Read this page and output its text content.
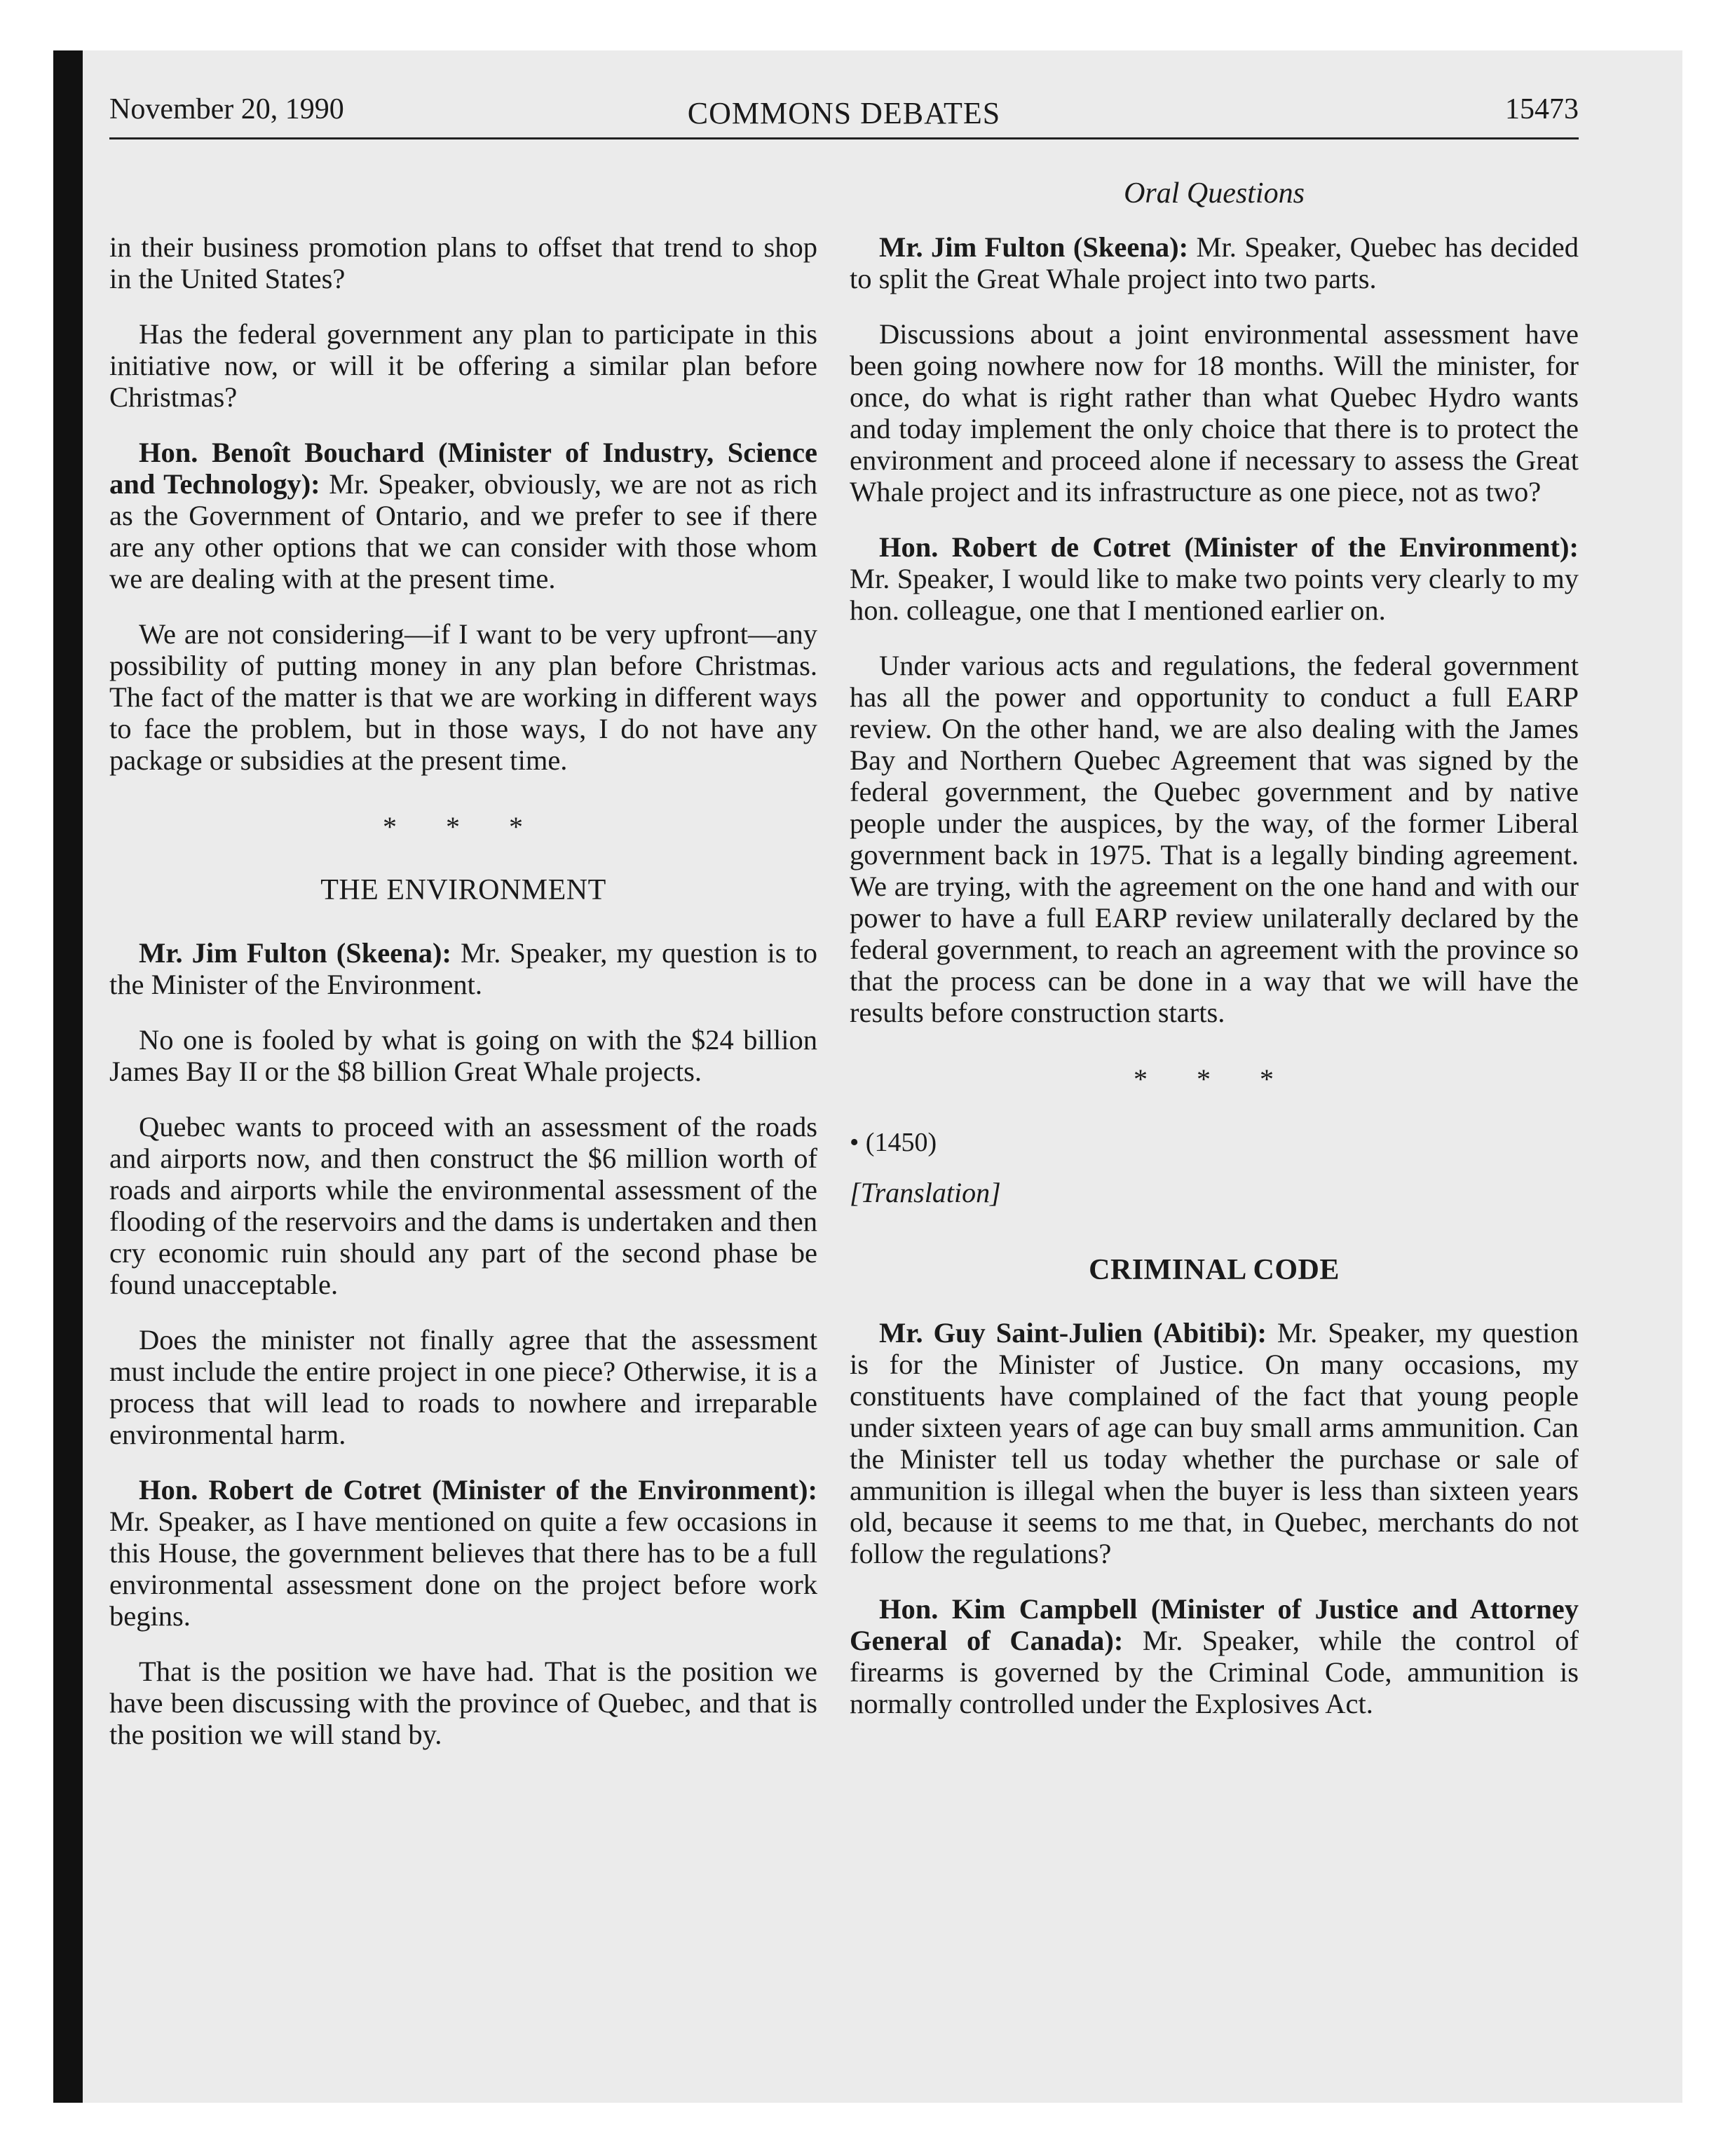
November 20, 1990	COMMONS DEBATES	15473
Oral Questions

in their business promotion plans to offset that trend to shop in the United States?

Has the federal government any plan to participate in this initiative now, or will it be offering a similar plan before Christmas?

Hon. Benoît Bouchard (Minister of Industry, Science and Technology): Mr. Speaker, obviously, we are not as rich as the Government of Ontario, and we prefer to see if there are any other options that we can consider with those whom we are dealing with at the present time.

We are not considering—if I want to be very upfront—any possibility of putting money in any plan before Christmas. The fact of the matter is that we are working in different ways to face the problem, but in those ways, I do not have any package or subsidies at the present time.

* * *
THE ENVIRONMENT

Mr. Jim Fulton (Skeena): Mr. Speaker, my question is to the Minister of the Environment.

No one is fooled by what is going on with the $24 billion James Bay II or the $8 billion Great Whale projects.

Quebec wants to proceed with an assessment of the roads and airports now, and then construct the $6 million worth of roads and airports while the environmental assessment of the flooding of the reservoirs and the dams is undertaken and then cry economic ruin should any part of the second phase be found unacceptable.

Does the minister not finally agree that the assessment must include the entire project in one piece? Otherwise, it is a process that will lead to roads to nowhere and irreparable environmental harm.

Hon. Robert de Cotret (Minister of the Environment): Mr. Speaker, as I have mentioned on quite a few occasions in this House, the government believes that there has to be a full environmental assessment done on the project before work begins.

That is the position we have had. That is the position we have been discussing with the province of Quebec, and that is the position we will stand by.

Mr. Jim Fulton (Skeena): Mr. Speaker, Quebec has decided to split the Great Whale project into two parts.

Discussions about a joint environmental assessment have been going nowhere now for 18 months. Will the minister, for once, do what is right rather than what Quebec Hydro wants and today implement the only choice that there is to protect the environment and proceed alone if necessary to assess the Great Whale project and its infrastructure as one piece, not as two?

Hon. Robert de Cotret (Minister of the Environment): Mr. Speaker, I would like to make two points very clearly to my hon. colleague, one that I mentioned earlier on.

Under various acts and regulations, the federal government has all the power and opportunity to conduct a full EARP review. On the other hand, we are also dealing with the James Bay and Northern Quebec Agreement that was signed by the federal government, the Quebec government and by native people under the auspices, by the way, of the former Liberal government back in 1975. That is a legally binding agreement. We are trying, with the agreement on the one hand and with our power to have a full EARP review unilaterally declared by the federal government, to reach an agreement with the province so that the process can be done in a way that we will have the results before construction starts.

* * *
• (1450)
[Translation]
CRIMINAL CODE

Mr. Guy Saint-Julien (Abitibi): Mr. Speaker, my question is for the Minister of Justice. On many occasions, my constituents have complained of the fact that young people under sixteen years of age can buy small arms ammunition. Can the Minister tell us today whether the purchase or sale of ammunition is illegal when the buyer is less than sixteen years old, because it seems to me that, in Quebec, merchants do not follow the regulations?

Hon. Kim Campbell (Minister of Justice and Attorney General of Canada): Mr. Speaker, while the control of firearms is governed by the Criminal Code, ammunition is normally controlled under the Explosives Act.
